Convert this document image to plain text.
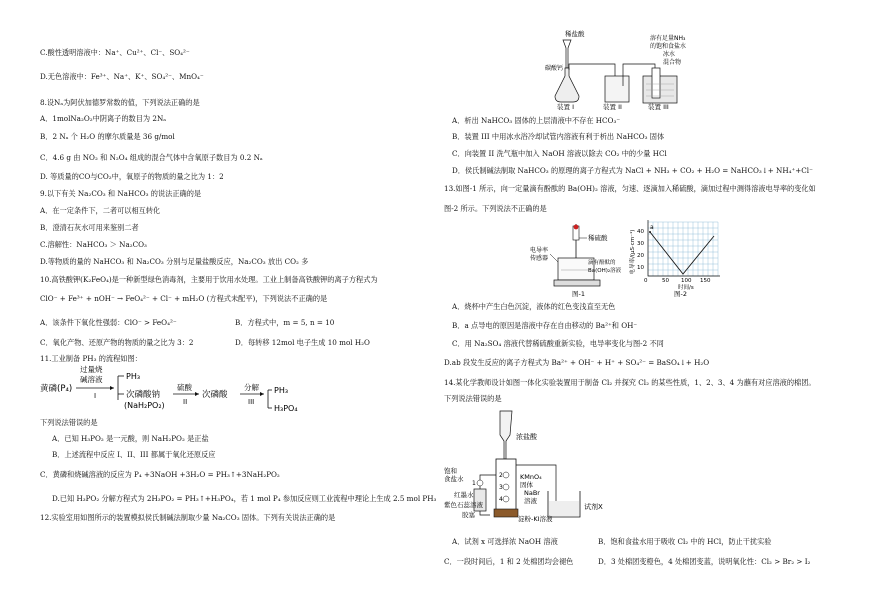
C.酸性透明溶液中：Na⁺、Cu²⁺、Cl⁻、SO₄²⁻
D.无色溶液中：Fe³⁺、Na⁺、K⁺、SO₄²⁻、MnO₄⁻
8.设Nₐ为阿伏加德罗常数的值，下列说法正确的是
A．1molNa₂O₂中阴离子的数目为 2Nₐ
B．2 Nₐ 个 H₂O 的摩尔质量是 36 g/mol
C．4.6 g 由 NO₂ 和 N₂O₄ 组成的混合气体中含氧原子数目为 0.2 Nₐ
D. 等质量的CO与CO₂中，氧原子的物质的量之比为 1：2
9.以下有关 Na₂CO₃ 和 NaHCO₃ 的说法正确的是
A．在一定条件下，二者可以相互转化
B．澄清石灰水可用来鉴别二者
C.溶解性：NaHCO₃ ＞ Na₂CO₃
D.等物质的量的 NaHCO₃ 和 Na₂CO₃ 分别与足量盐酸反应，Na₂CO₃ 放出 CO₂ 多
10.高铁酸钾(K₂FeO₄)是一种新型绿色消毒剂，主要用于饮用水处理。工业上制备高铁酸钾的离子方程式为
ClO⁻ + Fe³⁺ + nOH⁻ → FeO₄²⁻ + Cl⁻ + mH₂O (方程式未配平)，下列说法不正确的是
A．该条件下氧化性强弱：ClO⁻ > FeO₄²⁻	B．方程式中，m = 5, n = 10
C．氧化产物、还原产物的物质的量之比为 3：2	D．每转移 12mol 电子生成 10 mol H₂O
11.工业制备 PH₃ 的流程如图：
黄磷(P₄)
过量烧
碱溶液
I
PH₃
次磷酸钠
(NaH₂PO₂)
硫酸
II
次磷酸
分解
III
PH₃
H₃PO₄
下列说法错误的是
A．已知 H₃PO₂ 是一元酸，则 NaH₂PO₂ 是正盐
B．上述流程中反应 I、II、III 都属于氧化还原反应
C．黄磷和烧碱溶液的反应为 P₄ +3NaOH +3H₂O = PH₃↑+3NaH₂PO₂
D.已知 H₃PO₂ 分解方程式为 2H₃PO₂ = PH₃↑+H₃PO₄，若 1 mol P₄ 参加反应则工业流程中理论上生成 2.5 mol PH₃
12.实验室用如图所示的装置模拟侯氏制碱法制取少量 Na₂CO₃ 固体。下列有关说法正确的是
稀盐酸
碳酸钙
溶有足量NH₃
的饱和食盐水
冰水
混合物
装置 I	装置 II	装置 III
A．析出 NaHCO₃ 固体的上层清液中不存在 HCO₃⁻
B．装置 III 中用冰水浴冷却试管内溶液有利于析出 NaHCO₃ 固体
C．向装置 II 洗气瓶中加入 NaOH 溶液以除去 CO₂ 中的少量 HCl
D．侯氏制碱法制取 NaHCO₃ 的原理的离子方程式为 NaCl + NH₃ + CO₂ + H₂O = NaHCO₃↓+ NH₄⁺+Cl⁻
13.如图-1 所示，向一定量滴有酚酞的 Ba(OH)₂ 溶液，匀速、逐滴加入稀硫酸，滴加过程中测得溶液电导率的变化如
图-2 所示。下列说法不正确的是
稀硫酸
电导率
传感器
滴有酚酞的
Ba(OH)₂溶液
图-1
电导率/(μS·cm⁻¹) 40
30
20
10
0	50 100 150
时间/s
a
图-2
A．烧杯中产生白色沉淀，液体的红色变浅直至无色
B．a 点导电的原因是溶液中存在自由移动的 Ba²⁺和 OH⁻
C．用 Na₂SO₄ 溶液代替稀硫酸重新实验，电导率变化与图-2 不同
D.ab 段发生反应的离子方程式为 Ba²⁺ + OH⁻ + H⁺ + SO₄²⁻ = BaSO₄↓+ H₂O
14.某化学教师设计如图一体化实验装置用于制备 Cl₂ 并探究 Cl₂ 的某些性质，1、2、3、4 为蘸有对应溶液的棉团。
下列说法错误的是
浓盐酸
1
2
3
4
试剂X
饱和
食盐水	KMnO₄
固体
NaBr
溶液
淀粉-KI溶液
红墨水
紫色石蕊溶液
胶塞
A．试剂 x 可选择浓 NaOH 溶液	B．饱和食盐水用于吸收 Cl₂ 中的 HCl，防止干扰实验
C．一段时间后，1 和 2 处棉团均会褪色	D．3 处棉团变橙色，4 处棉团变蓝，说明氧化性：Cl₂ > Br₂ > I₂
